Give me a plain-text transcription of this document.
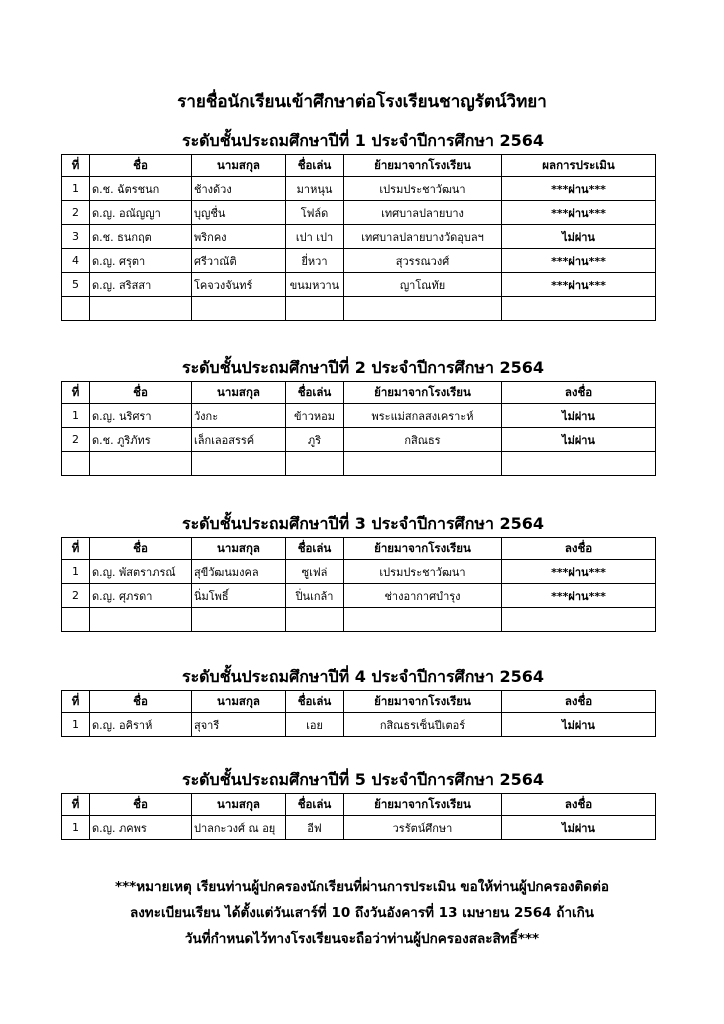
รายชื่อนักเรียนเข้าศึกษาต่อโรงเรียนชาญรัตน์วิทยา
ระดับชั้นประถมศึกษาปีที่ 1 ประจำปีการศึกษา 2564
ที่	ชื่อ	นามสกุล	ชื่อเล่น	ย้ายมาจากโรงเรียน	ผลการประเมิน
1	ด.ช. ฉัตรชนก	ช้างด้วง	มาหนุน	เปรมประชาวัฒนา	***ผ่าน***
2	ด.ญ. อณัญญา	บุญชื่น	โฟล์ด	เทศบาลปลายบาง	***ผ่าน***
3	ด.ช. ธนกฤต	พริกคง	เปา เปา	เทศบาลปลายบางวัดอุบลฯ	ไม่ผ่าน
4	ด.ญ. ศรุตา	ศรีวาณัติ	ยี่หวา	สุวรรณวงศ์	***ผ่าน***
5	ด.ญ. สริสสา	โคจวงจันทร์	ขนมหวาน	ญาโณทัย	***ผ่าน***

ระดับชั้นประถมศึกษาปีที่ 2 ประจำปีการศึกษา 2564
ที่	ชื่อ	นามสกุล	ชื่อเล่น	ย้ายมาจากโรงเรียน	ลงชื่อ
1	ด.ญ. นริศรา	วังกะ	ข้าวหอม	พระแม่สกลสงเคราะห์	ไม่ผ่าน
2	ด.ช. ภูริภัทร	เล็กเลอสรรค์	ภูริ	กสิณธร	ไม่ผ่าน

ระดับชั้นประถมศึกษาปีที่ 3 ประจำปีการศึกษา 2564
ที่	ชื่อ	นามสกุล	ชื่อเล่น	ย้ายมาจากโรงเรียน	ลงชื่อ
1	ด.ญ. พัสตราภรณ์	สุขีวัฒนมงคล	ซูเฟล่	เปรมประชาวัฒนา	***ผ่าน***
2	ด.ญ. ศุภรดา	นิ่มโพธิ์	ปิ่นเกล้า	ช่างอากาศบำรุง	***ผ่าน***

ระดับชั้นประถมศึกษาปีที่ 4 ประจำปีการศึกษา 2564
ที่	ชื่อ	นามสกุล	ชื่อเล่น	ย้ายมาจากโรงเรียน	ลงชื่อ
1	ด.ญ. อคิราห์	สุจารี	เอย	กสิณธรเซ็นปีเตอร์	ไม่ผ่าน
ระดับชั้นประถมศึกษาปีที่ 5 ประจำปีการศึกษา 2564
ที่	ชื่อ	นามสกุล	ชื่อเล่น	ย้ายมาจากโรงเรียน	ลงชื่อ
1	ด.ญ. ภคพร	ปาลกะวงศ์ ณ อยุ	อีฟ	วรรัตน์ศึกษา	ไม่ผ่าน
***หมายเหตุ เรียนท่านผู้ปกครองนักเรียนที่ผ่านการประเมิน ขอให้ท่านผู้ปกครองติดต่อ
ลงทะเบียนเรียน ได้ตั้งแต่วันเสาร์ที่ 10 ถึงวันอังคารที่ 13 เมษายน 2564 ถ้าเกิน
วันที่กำหนดไว้ทางโรงเรียนจะถือว่าท่านผู้ปกครองสละสิทธิ์***
